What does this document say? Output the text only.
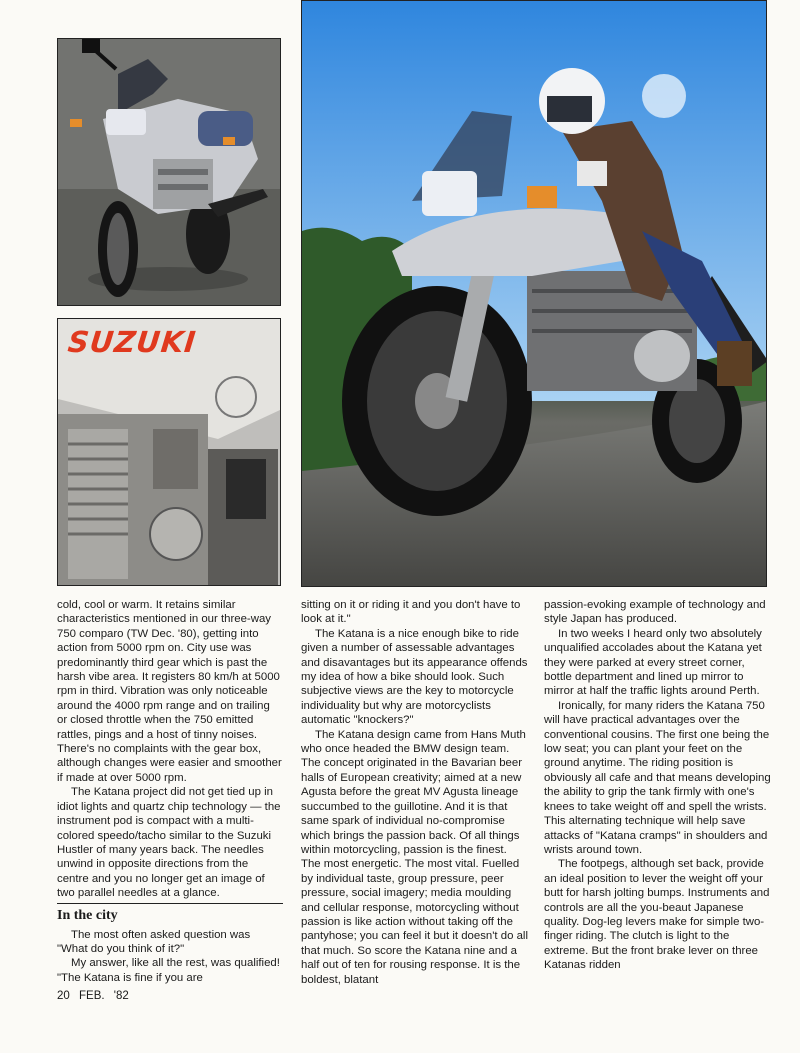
SUZUKI

cold, cool or warm. It retains similar characteristics mentioned in our three-way 750 comparo (TW Dec. '80), getting into action from 5000 rpm on. City use was predominantly third gear which is past the harsh vibe area. It registers 80 km/h at 5000 rpm in third. Vibration was only noticeable around the 4000 rpm range and on trailing or closed throttle when the 750 emitted rattles, pings and a host of tinny noises. There's no complaints with the gear box, although changes were easier and smoother if made at over 5000 rpm.

The Katana project did not get tied up in idiot lights and quartz chip technology — the instrument pod is compact with a multi-colored speedo/tacho similar to the Suzuki Hustler of many years back. The needles unwind in opposite directions from the centre and you no longer get an image of two parallel needles at a glance.

In the city

The most often asked question was "What do you think of it?"

My answer, like all the rest, was qualified! "The Katana is fine if you are

sitting on it or riding it and you don't have to look at it."

The Katana is a nice enough bike to ride given a number of assessable advantages and disavantages but its appearance offends my idea of how a bike should look. Such subjective views are the key to motorcycle individuality but why are motorcyclists automatic "knockers?"

The Katana design came from Hans Muth who once headed the BMW design team. The concept originated in the Bavarian beer halls of European creativity; aimed at a new Agusta before the great MV Agusta lineage succumbed to the guillotine. And it is that same spark of individual no-compromise which brings the passion back. Of all things within motorcycling, passion is the finest. The most energetic. The most vital. Fuelled by individual taste, group pressure, peer pressure, social imagery; media moulding and cellular response, motorcycling without passion is like action without taking off the pantyhose; you can feel it but it doesn't do all that much. So score the Katana nine and a half out of ten for rousing response. It is the boldest, blatant

passion-evoking example of technology and style Japan has produced.

In two weeks I heard only two absolutely unqualified accolades about the Katana yet they were parked at every street corner, bottle department and lined up mirror to mirror at half the traffic lights around Perth.

Ironically, for many riders the Katana 750 will have practical advantages over the conventional cousins. The first one being the low seat; you can plant your feet on the ground anytime. The riding position is obviously all cafe and that means developing the ability to grip the tank firmly with one's knees to take weight off and spell the wrists. This alternating technique will help save attacks of "Katana cramps" in shoulders and wrists around town.

The footpegs, although set back, provide an ideal position to lever the weight off your butt for harsh jolting bumps. Instruments and controls are all the you-beaut Japanese quality. Dog-leg levers make for simple two-finger riding. The clutch is light to the extreme. But the front brake lever on three Katanas ridden

20 FEB. '82
